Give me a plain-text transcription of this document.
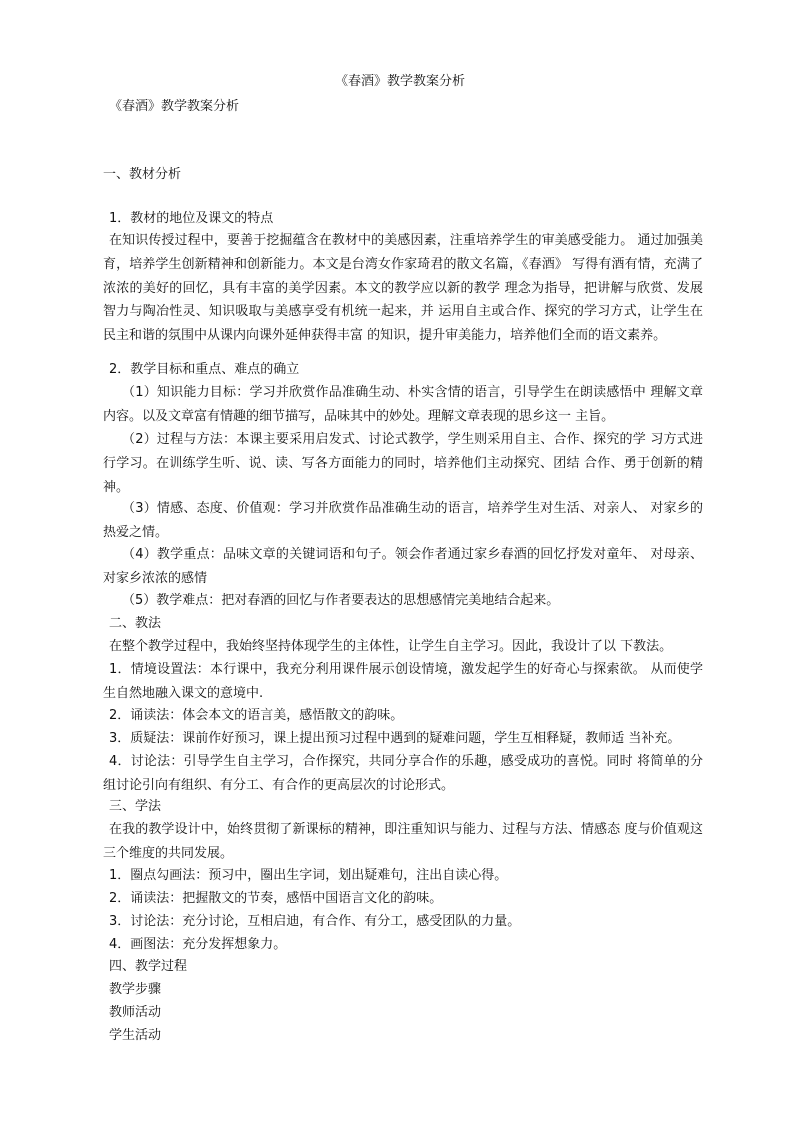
《春酒》教学教案分析
《春酒》教学教案分析
一、教材分析
1．教材的地位及课文的特点
在知识传授过程中，要善于挖掘蕴含在教材中的美感因素，注重培养学生的审美感受能力。 通过加强美育，培养学生创新精神和创新能力。本文是台湾女作家琦君的散文名篇，《春酒》 写得有酒有情，充满了浓浓的美好的回忆，具有丰富的美学因素。本文的教学应以新的教学 理念为指导，把讲解与欣赏、发展智力与陶冶性灵、知识吸取与美感享受有机统一起来，并 运用自主或合作、探究的学习方式，让学生在民主和谐的氛围中从课内向课外延伸获得丰富 的知识，提升审美能力，培养他们全而的语文素养。
2．教学目标和重点、难点的确立
（1）知识能力目标：学习并欣赏作品准确生动、朴实含情的语言，引导学生在朗读感悟中 理解文章内容。以及文章富有情趣的细节描写，品味其中的妙处。理解文章表现的思乡这一 主旨。
（2）过程与方法：本课主要采用启发式、讨论式教学，学生则采用自主、合作、探究的学 习方式进行学习。在训练学生听、说、读、写各方面能力的同时，培养他们主动探究、团结 合作、勇于创新的精神。
（3）情感、态度、价值观：学习并欣赏作品准确生动的语言，培养学生对生活、对亲人、 对家乡的热爱之情。
（4）教学重点：品味文章的关键词语和句子。领会作者通过家乡春酒的回忆抒发对童年、 对母亲、对家乡浓浓的感情
（5）教学难点：把对春酒的回忆与作者要表达的思想感情完美地结合起来。
二、教法
在整个教学过程中，我始终坚持体现学生的主体性，让学生自主学习。因此，我设计了以 下教法。
1．情境设置法：本行课中，我充分利用课件展示创设情境，激发起学生的好奇心与探索欲。 从而使学生自然地融入课文的意境中.
2．诵读法：体会本文的语言美，感悟散文的韵味。
3．质疑法：课前作好预习，课上提出预习过程中遇到的疑难问题，学生互相释疑，教师适 当补充。
4．讨论法：引导学生自主学习，合作探究，共同分享合作的乐趣，感受成功的喜悦。同时 将简单的分组讨论引向有组织、有分工、有合作的更高层次的讨论形式。
三、学法
在我的教学设计中，始终贯彻了新课标的精神，即注重知识与能力、过程与方法、情感态 度与价值观这三个维度的共同发展。
1．圈点勾画法：预习中，圈出生字词，划出疑难句，注出自读心得。
2．诵读法：把握散文的节奏，感悟中国语言文化的韵味。
3．讨论法：充分讨论，互相启迪，有合作、有分工，感受团队的力量。
4．画图法：充分发挥想象力。
四、教学过程
教学步骤
教师活动
学生活动
